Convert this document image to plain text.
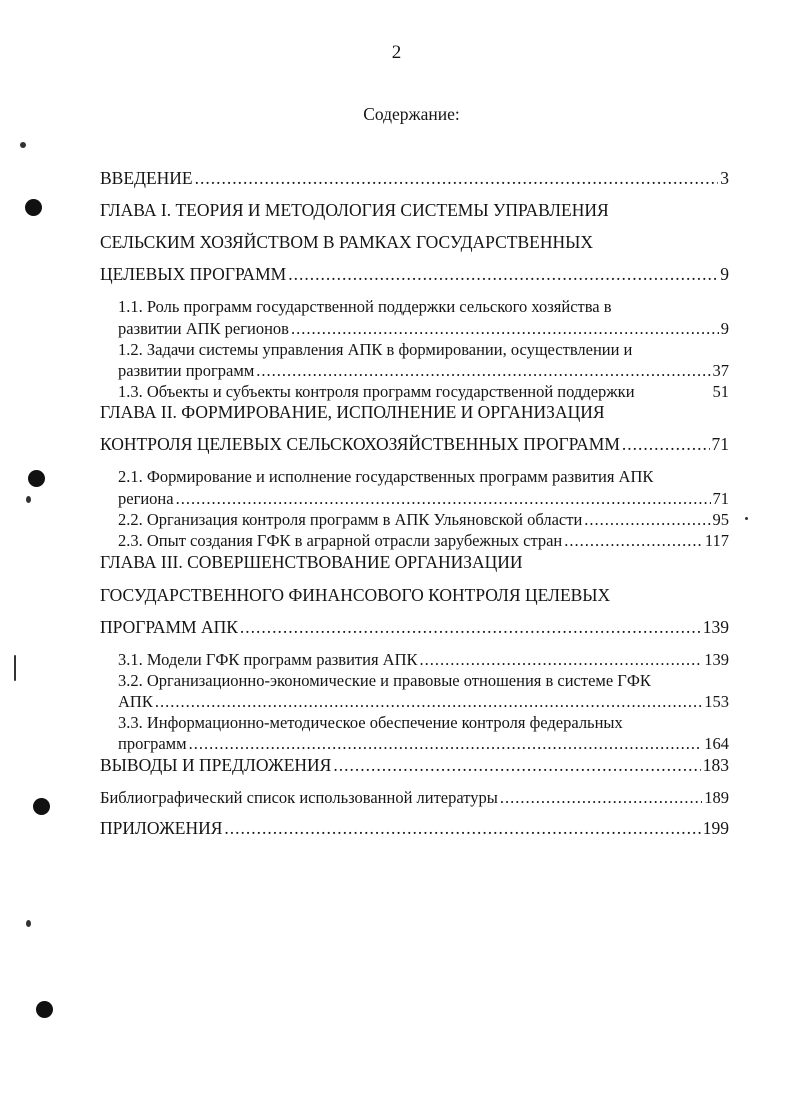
2
Содержание:
ВВЕДЕНИЕ .....	3
ГЛАВА I. ТЕОРИЯ И МЕТОДОЛОГИЯ СИСТЕМЫ УПРАВЛЕНИЯ
СЕЛЬСКИМ ХОЗЯЙСТВОМ В РАМКАХ ГОСУДАРСТВЕННЫХ
ЦЕЛЕВЫХ ПРОГРАММ .....	9
1.1. Роль программ государственной поддержки сельского хозяйства в
развитии АПК регионов .....	9
1.2. Задачи системы управления АПК в формировании, осуществлении и
развитии программ .....	37
1.3. Объекты и субъекты контроля программ государственной поддержки	51
ГЛАВА II. ФОРМИРОВАНИЕ, ИСПОЛНЕНИЕ И ОРГАНИЗАЦИЯ
КОНТРОЛЯ ЦЕЛЕВЫХ СЕЛЬСКОХОЗЯЙСТВЕННЫХ ПРОГРАММ .....	71
2.1. Формирование и исполнение государственных программ развития АПК
региона .....	71
2.2. Организация контроля программ в АПК Ульяновской области .....	95
2.3. Опыт создания ГФК в аграрной отрасли зарубежных стран .....	117
ГЛАВА III. СОВЕРШЕНСТВОВАНИЕ ОРГАНИЗАЦИИ
ГОСУДАРСТВЕННОГО ФИНАНСОВОГО КОНТРОЛЯ ЦЕЛЕВЫХ
ПРОГРАММ АПК .....	139
3.1. Модели ГФК программ развития АПК .....	139
3.2. Организационно-экономические и правовые отношения в системе ГФК
АПК .....	153
3.3. Информационно-методическое обеспечение контроля федеральных
программ .....	164
ВЫВОДЫ И ПРЕДЛОЖЕНИЯ .....	183
Библиографический список использованной литературы .....	189
ПРИЛОЖЕНИЯ .....	199
